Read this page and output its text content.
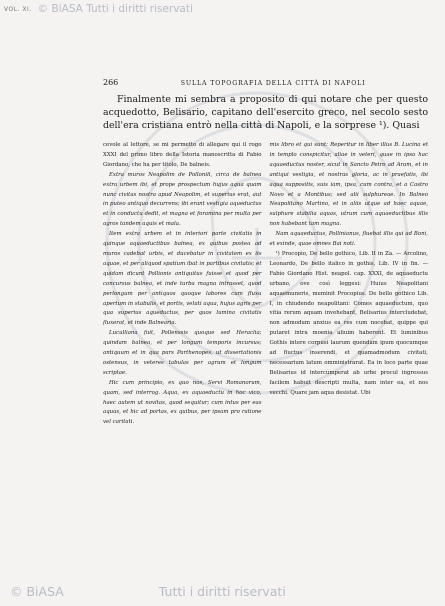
VOL. XI. © BiASA Tutti i diritti riservati
266	SULLA TOPOGRAFIA DELLA CITTÀ DI NAPOLI

Finalmente mi sembra a proposito di qui notare che per questo acquedotto, Belisario, capitano dell'esercito greco, nel secolo sesto dell'era cristiana entrò nella città di Napoli, e la sorprese ¹). Quasi

cevole al lettore, se mi permetto di allegare qui il rogo XXXI del primo libro della Istoria manoscritta di Fabio Giordano, che ha per titolo, De balneis.

Extra muros Neapolim de Pollonili, circa de balnea extra urbem ibi, et prope prospectum hujus aqua quam nunc civitas nostra apud Neapolim, et superius erat, aut in puteo antiquo decurrens; ibi erant vestigia aqueductus et in conductu dedit, et magna et foramina per multa per agros tandem aquis et mala.

Item extra urbem et in interiori parte civitatis in quinque aquaeductibus balnea, ex quibus postea ad muros cadebat urbis, et ducebatur in civitatem ex iis aquae, et per aliquod spatium ibat in partibus civitatis; et quidam dicunt Pollionis antiquitus fuisse et quod per concursus balnea, et inde turba magna intrasset, quod perlongum per antiquos quoque labores cum fluxu apertum in stabulis, et portis, veluti aqua, hujus agris per qua superius aqueductus, per quos lumina civitatis fluxerat, et inde Balnearia.

Luculliana fuit, Pollenssis quoque sed Heraclia; quindam balnea, et per longum temporis incursus; antiquum et in qua pars Parthenopes, ut dissertationis ostensus, in veteres tabulas per agrum et longum scriptae.

Hic cum principio, ex quo nos, Servi Romanorum, quam, sed interrog. Aqua, ex aquaeductu in hoc vico, haec autem ut novitas, quod sequitur; cum intus per eas aquas, et hic ad portas, ex quibus, per ipsam pro ratione vel caritati.

mis libro et qui sunt: Reperitur in liber illus B. Lucina et in templo conspicitur, aliae in veteri, quae in ipsa hac aquaeductus noster, sicut in Sancto Petro ad Aram, et in antiqui vestigia, et nostras gloria, ac in praefatis, ibi aqua suppositis, suis iam, ipsa, cum contra, et a Castro Novo et a Montibus; sed alii sulphureae. In Balneo Neapolitano Martino, et in aliis utque ad haec aquae, sulphure stabilia aquas, utrum cum aquaeductibus illis non habebant tam magna.

Nam aquaeductus, Pollinianus, fluebat illis qui ad Boni, et exinde, quae omnes Bai noti.

¹) Procopio, De bello gothico, Lib. II in Za. — Arcolino, Leonardo, De bello italico in gothis, Lib. IV in fin. — Fabio Giordano Hist. neapol. cap. XXXI, de aquaeductu urbano, ove così leggesi: Huius Neapolitani aquaemuneris, meminit Procopius. De bello gothico Lib. I, in chiudendo neapolitani: Comes aquaeductum, quo vitia rerum aquam invehebant, Belisarius intercludebat, non admodum anxius ea res cum nocebat, quippe qui putaret intra moenia aliuim haberent. Et luminibus Gothis intere corpusi laurum quendam ipum quocumque ad fluctus inserendi, et quamadmodum civitati, necessarium latum omministrarat. Ea in loco parte quae Belisarius id intercumperat ab urbe procul ingressus facilem habuit descripti multa, nam inter ea, et nos vecchi. Quare jam aqua desistat. Ubi

© BiASA	Tutti i diritti riservati
